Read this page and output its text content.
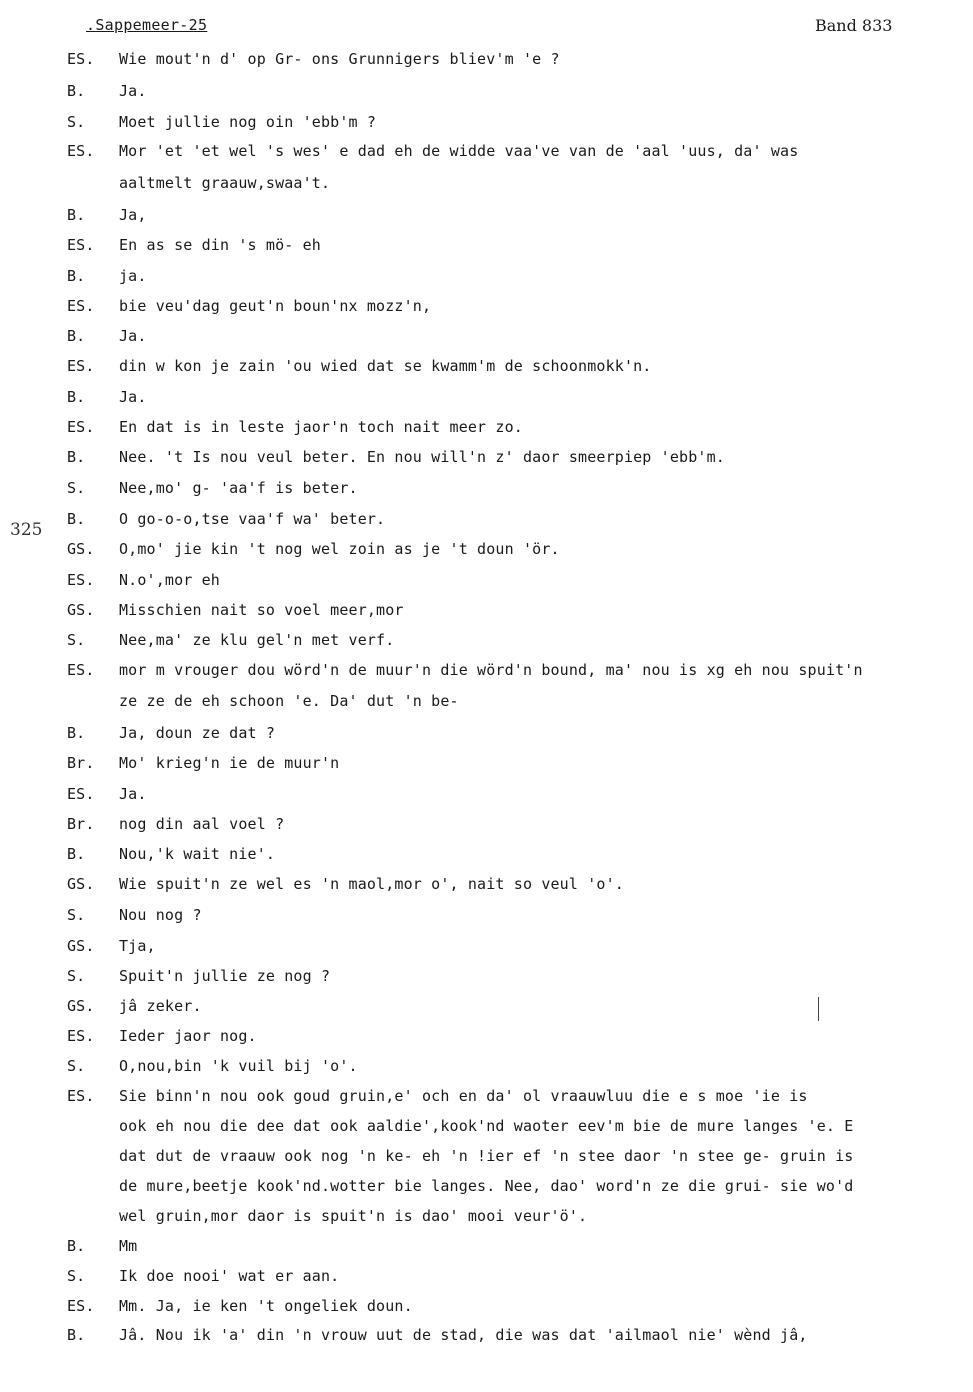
.Sappemeer-25	Band 833
325
ES. Wie mout'n d' op Gr- ons Grunnigers bliev'm 'e ?
B. Ja.
S. Moet jullie nog oin 'ebb'm ?
ES. Mor 'et 'et wel 's wes' e dad eh de widde vaa've van de 'aal 'uus, da' was
aaltmelt graauw,swaa't.
B. Ja,
ES. En as se din 's mö- eh
B. ja.
ES. bie veu'dag geut'n boun'nx mozz'n,
B. Ja.
ES. din w kon je zain 'ou wied dat se kwamm'm de schoonmokk'n.
B. Ja.
ES. En dat is in leste jaor'n toch nait meer zo.
B. Nee. 't Is nou veul beter. En nou will'n z' daor smeerpiep 'ebb'm.
S. Nee,mo' g- 'aa'f is beter.
B. O go-o-o,tse vaa'f wa' beter.
GS. O,mo' jie kin 't nog wel zoin as je 't doun 'ör.
ES. N.o',mor eh
GS. Misschien nait so voel meer,mor
S. Nee,ma' ze klu gel'n met verf.
ES. mor m vrouger dou wörd'n de muur'n die wörd'n bound, ma' nou is xg eh nou spuit'n
ze ze de eh schoon 'e. Da' dut 'n be-
B. Ja, doun ze dat ?
Br. Mo' krieg'n ie de muur'n
ES. Ja.
Br. nog din aal voel ?
B. Nou,'k wait nie'.
GS. Wie spuit'n ze wel es 'n maol,mor o', nait so veul 'o'.
S. Nou nog ?
GS. Tja,
S. Spuit'n jullie ze nog ?
GS. jâ zeker.
ES. Ieder jaor nog.
S. O,nou,bin 'k vuil bij 'o'.
ES. Sie binn'n nou ook goud gruin,e' och en da' ol vraauwluu die e s moe 'ie is
ook eh nou die dee dat ook aaldie',kook'nd waoter eev'm bie de mure langes 'e. E
dat dut de vraauw ook nog 'n ke- eh 'n !ier ef 'n stee daor 'n stee ge- gruin is
de mure,beetje kook'nd.wotter bie langes. Nee, dao' word'n ze die grui- sie wo'd
wel gruin,mor daor is spuit'n is dao' mooi veur'ö'.
B. Mm
S. Ik doe nooi' wat er aan.
ES. Mm. Ja, ie ken 't ongeliek doun.
B. Jâ. Nou ik 'a' din 'n vrouw uut de stad, die was dat 'ailmaol nie' wènd jâ,
